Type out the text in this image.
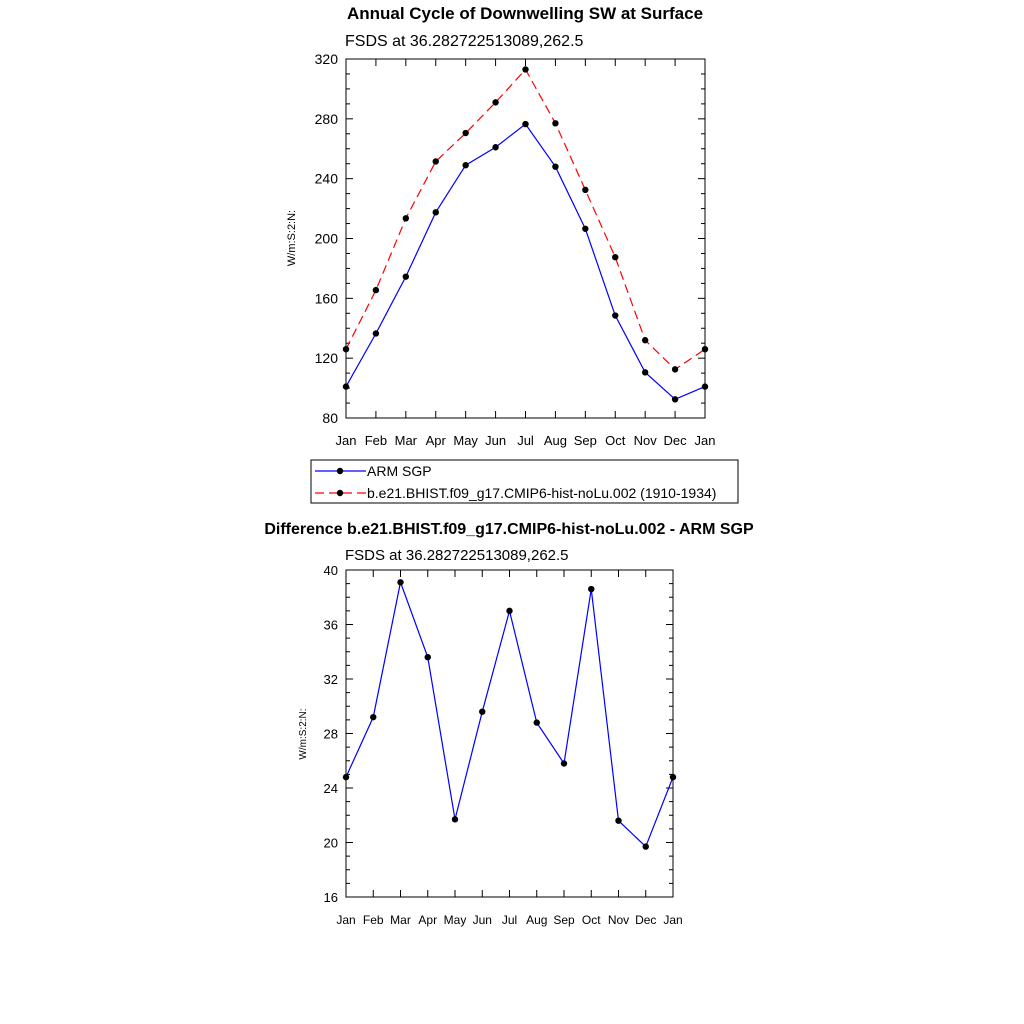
Annual Cycle of Downwelling SW at Surface
FSDS at 36.282722513089,262.5
W/m:S:2:N:
80
120
160
200
240
280
320
Jan Feb Mar Apr May Jun Jul Aug Sep Oct Nov Dec Jan
ARM SGP
b.e21.BHIST.f09_g17.CMIP6-hist-noLu.002 (1910-1934)
Difference b.e21.BHIST.f09_g17.CMIP6-hist-noLu.002 - ARM SGP
FSDS at 36.282722513089,262.5
W/m:S:2:N:
16
20
24
28
32
36
40
Jan Feb Mar Apr May Jun Jul Aug Sep Oct Nov Dec Jan
